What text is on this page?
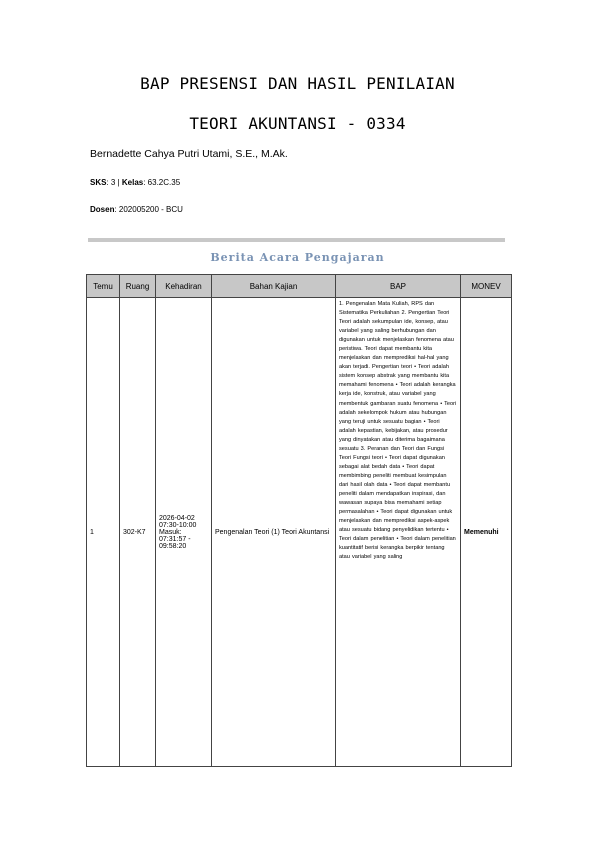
BAP PRESENSI DAN HASIL PENILAIAN
TEORI AKUNTANSI - 0334
Bernadette Cahya Putri Utami, S.E., M.Ak.
SKS: 3 | Kelas: 63.2C.35
Dosen: 202005200 - BCU
Berita Acara Pengajaran
Temu	Ruang	Kehadiran	Bahan Kajian	BAP	MONEV
1	302-K7	2026-04-02 07:30-10:00 Masuk: 07:31:57 - 09:58:20	Pengenalan Teori (1) Teori Akuntansi	1. Pengenalan Mata Kuliah, RPS dan Sistematika Perkuliahan 2. Pengertian Teori Teori adalah sekumpulan ide, konsep, atau variabel yang saling berhubungan dan digunakan untuk menjelaskan fenomena atau peristiwa. Teori dapat membantu kita menjelaskan dan memprediksi hal-hal yang akan terjadi. Pengertian teori • Teori adalah sistem konsep abstrak yang membantu kita memahami fenomena • Teori adalah kerangka kerja ide, konstruk, atau variabel yang membentuk gambaran suatu fenomena • Teori adalah sekelompok hukum atau hubungan yang teruji untuk sesuatu bagian • Teori adalah kepastian, kebijakan, atau prosedur yang dinyatakan atau diterima bagaimana sesuatu 3. Peranan dan Teori dan Fungsi Teori Fungsi teori • Teori dapat digunakan sebagai alat bedah data • Teori dapat membimbing peneliti membuat kesimpulan dari hasil olah data • Teori dapat membantu peneliti dalam mendapatkan inspirasi, dan wawasan supaya bisa memahami setiap permasalahan • Teori dapat digunakan untuk menjelaskan dan memprediksi aspek-aspek atau sesuatu bidang penyelidikan tertentu • Teori dalam penelitian • Teori dalam penelitian kuantitatif berisi kerangka berpikir tentang atau variabel yang saling	Memenuhi
